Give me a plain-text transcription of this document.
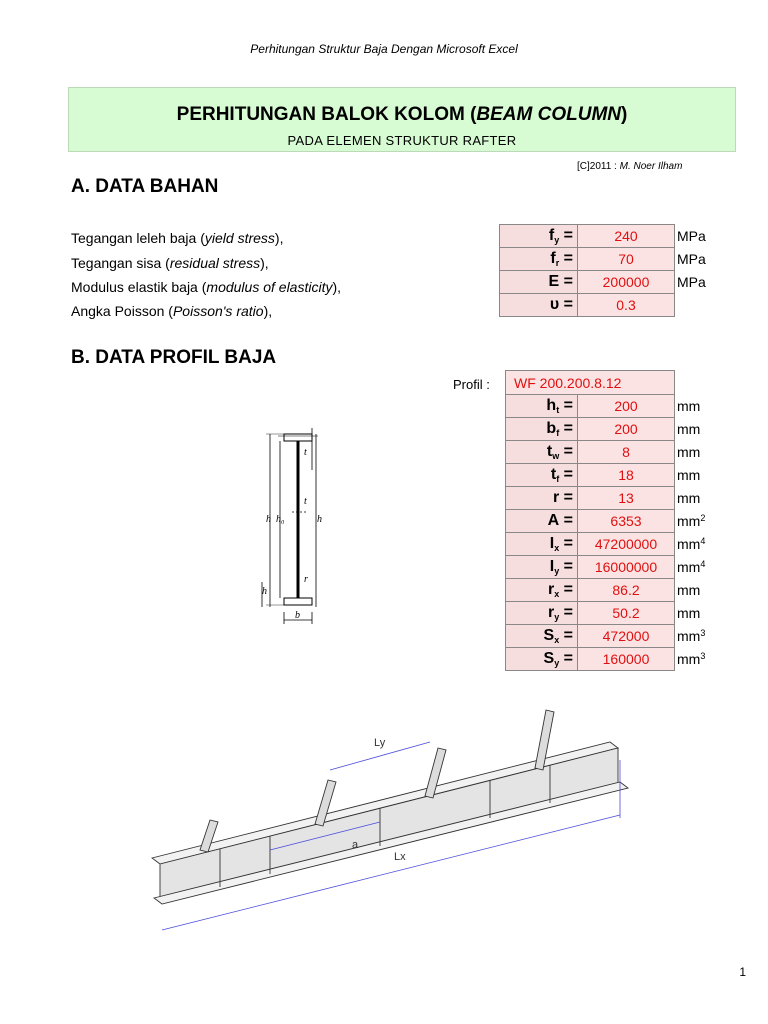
Perhitungan Struktur Baja Dengan Microsoft Excel
PERHITUNGAN BALOK KOLOM (BEAM COLUMN)
PADA ELEMEN STRUKTUR RAFTER
[C]2011 : M. Noer Ilham
A. DATA BAHAN
Tegangan leleh baja (yield stress),
Tegangan sisa (residual stress),
Modulus elastik baja (modulus of elasticity),
Angka Poisson (Poisson's ratio),
$f_y$ =	240	MPa
$f_r$ =	70	MPa
E =	200000	MPa
υ =	0.3	
B. DATA PROFIL BAJA
Profil : WF 200.200.8.12		
$h_t$ =	200	mm
$b_f$ =	200	mm
$t_w$ =	8	mm
$t_f$ =	18	mm
r =	13	mm
A =	6353	$mm^2$
$I_x$ =	47200000	$mm^4$
$I_y$ =	16000000	$mm^4$
$r_x$ =	86.2	mm
$r_y$ =	50.2	mm
$S_x$ =	472000	$mm^3$
$S_y$ =	160000	$mm^3$
h h₀	h
t
t
r
h
b
Ly
a
Lx
1
